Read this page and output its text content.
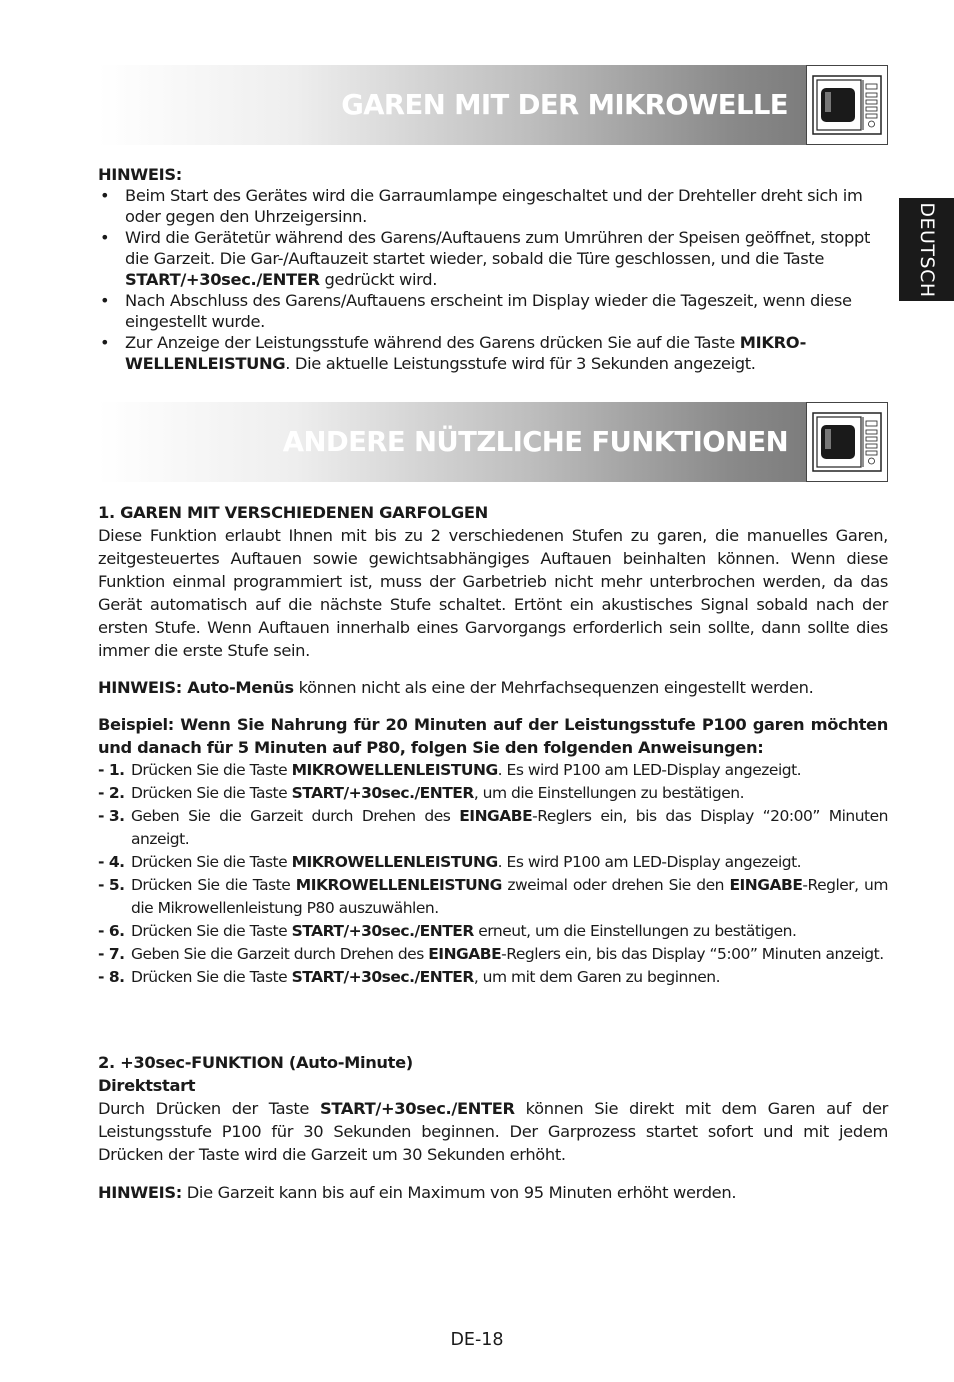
GAREN MIT DER MIKROWELLE
DEUTSCH
HINWEIS:
• Beim Start des Gerätes wird die Garraumlampe eingeschaltet und der Drehteller dreht sich im oder gegen den Uhrzeigersinn.
• Wird die Gerätetür während des Garens/Auftauens zum Umrühren der Speisen geöffnet, stoppt die Garzeit. Die Gar-/Auftauzeit startet wieder, sobald die Türe geschlossen, und die Taste START/+30sec./ENTER gedrückt wird.
• Nach Abschluss des Garens/Auftauens erscheint im Display wieder die Tageszeit, wenn diese eingestellt wurde.
• Zur Anzeige der Leistungsstufe während des Garens drücken Sie auf die Taste MIKRO-WELLENLEISTUNG. Die aktuelle Leistungsstufe wird für 3 Sekunden angezeigt.
ANDERE NÜTZLICHE FUNKTIONEN
1. GAREN MIT VERSCHIEDENEN GARFOLGEN
Diese Funktion erlaubt Ihnen mit bis zu 2 verschiedenen Stufen zu garen, die manuelles Garen, zeitgesteuertes Auftauen sowie gewichtsabhängiges Auftauen beinhalten können. Wenn diese Funktion einmal programmiert ist, muss der Garbetrieb nicht mehr unterbrochen werden, da das Gerät automatisch auf die nächste Stufe schaltet. Ertönt ein akustisches Signal sobald nach der ersten Stufe. Wenn Auftauen innerhalb eines Garvorgangs erforderlich sein sollte, dann sollte dies immer die erste Stufe sein.
HINWEIS: Auto-Menüs können nicht als eine der Mehrfachsequenzen eingestellt werden.
Beispiel: Wenn Sie Nahrung für 20 Minuten auf der Leistungsstufe P100 garen möchten und danach für 5 Minuten auf P80, folgen Sie den folgenden Anweisungen:
- 1. Drücken Sie die Taste MIKROWELLENLEISTUNG. Es wird P100 am LED-Display angezeigt.
- 2. Drücken Sie die Taste START/+30sec./ENTER, um die Einstellungen zu bestätigen.
- 3. Geben Sie die Garzeit durch Drehen des EINGABE-Reglers ein, bis das Display “20:00” Minuten anzeigt.
- 4. Drücken Sie die Taste MIKROWELLENLEISTUNG. Es wird P100 am LED-Display angezeigt.
- 5. Drücken Sie die Taste MIKROWELLENLEISTUNG zweimal oder drehen Sie den EINGABE-Regler, um die Mikrowellenleistung P80 auszuwählen.
- 6. Drücken Sie die Taste START/+30sec./ENTER erneut, um die Einstellungen zu bestätigen.
- 7. Geben Sie die Garzeit durch Drehen des EINGABE-Reglers ein, bis das Display “5:00” Minuten anzeigt.
- 8. Drücken Sie die Taste START/+30sec./ENTER, um mit dem Garen zu beginnen.
2. +30sec-FUNKTION (Auto-Minute)
Direktstart
Durch Drücken der Taste START/+30sec./ENTER können Sie direkt mit dem Garen auf der Leistungsstufe P100 für 30 Sekunden beginnen. Der Garprozess startet sofort und mit jedem Drücken der Taste wird die Garzeit um 30 Sekunden erhöht.
HINWEIS: Die Garzeit kann bis auf ein Maximum von 95 Minuten erhöht werden.
DE-18
